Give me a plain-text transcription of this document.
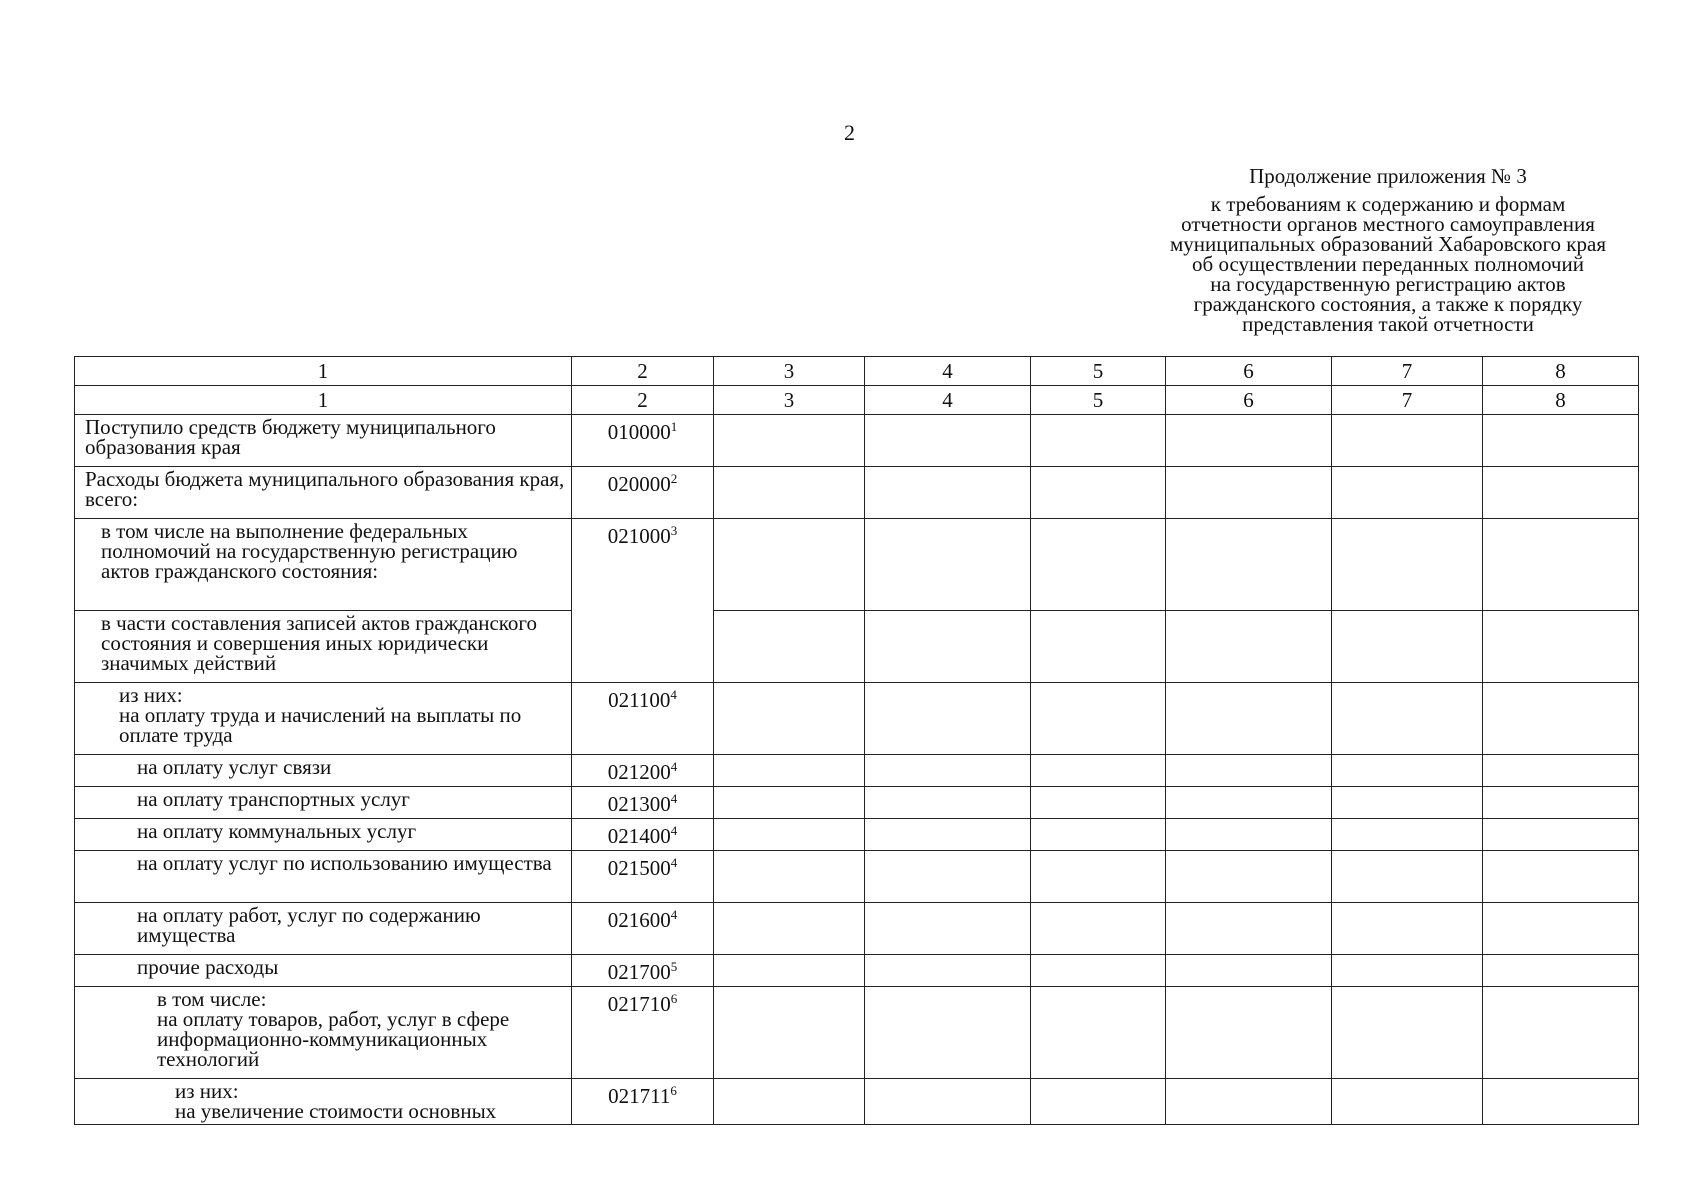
2
Продолжение приложения № 3
к требованиям к содержанию и формам
отчетности органов местного самоуправления
муниципальных образований Хабаровского края
об осуществлении переданных полномочий
на государственную регистрацию актов
гражданского состояния, а также к порядку
представления такой отчетности
1	2	3	4	5	6	7	8
1	2	3	4	5	6	7	8
Поступило средств бюджету муниципального образования края	010000$^1$						
Расходы бюджета муниципального образования края, всего:	020000$^2$						
в том числе на выполнение федеральных полномочий на государственную регистрацию актов гражданского состояния:	021000$^3$						
в части составления записей актов гражданского состояния и совершения иных юридически значимых действий							

из них:
на оплату труда и начислений на выплаты по оплате труда	021100$^4$						
на оплату услуг связи	021200$^4$						
на оплату транспортных услуг	021300$^4$						
на оплату коммунальных услуг	021400$^4$						
на оплату услуг по использованию имущества	021500$^4$						
на оплату работ, услуг по содержанию имущества	021600$^4$						
прочие расходы	021700$^5$						

в том числе:
на оплату товаров, работ, услуг в сфере информационно-коммуникационных технологий	021710$^6$						

из них:
на увеличение стоимости основных	021711$^6$						
